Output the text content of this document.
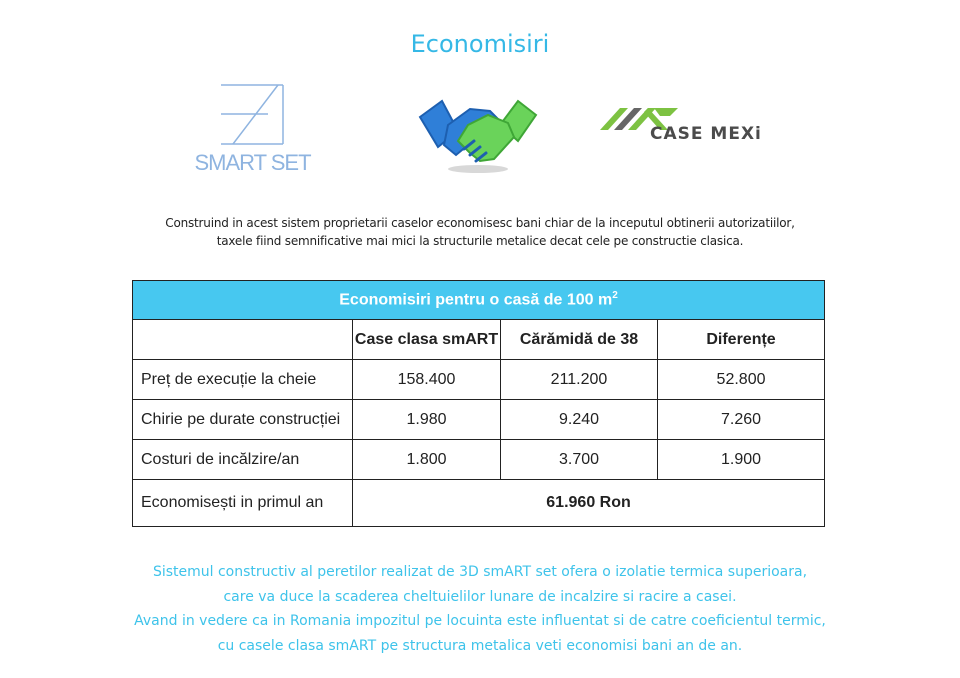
Economisiri
SMART SET
CASE MEXi
Construind in acest sistem proprietarii caselor economisesc bani chiar de la inceputul obtinerii autorizatiilor,
taxele fiind semnificative mai mici la structurile metalice decat cele pe constructie clasica.
Economisiri pentru o casă de 100 $m^2$
	Case clasa smART	Cărămidă de 38	Diferențe
Preț de execuție la cheie	158.400	211.200	52.800
Chirie pe durate construcției	1.980	9.240	7.260
Costuri de incălzire/an	1.800	3.700	1.900
Economisești in primul an	61.960 Ron		
Sistemul constructiv al peretilor realizat de 3D smART set ofera o izolatie termica superioara,
care va duce la scaderea cheltuielilor lunare de incalzire si racire a casei.
Avand in vedere ca in Romania impozitul pe locuinta este influentat si de catre coeficientul termic,
cu casele clasa smART pe structura metalica veti economisi bani an de an.
